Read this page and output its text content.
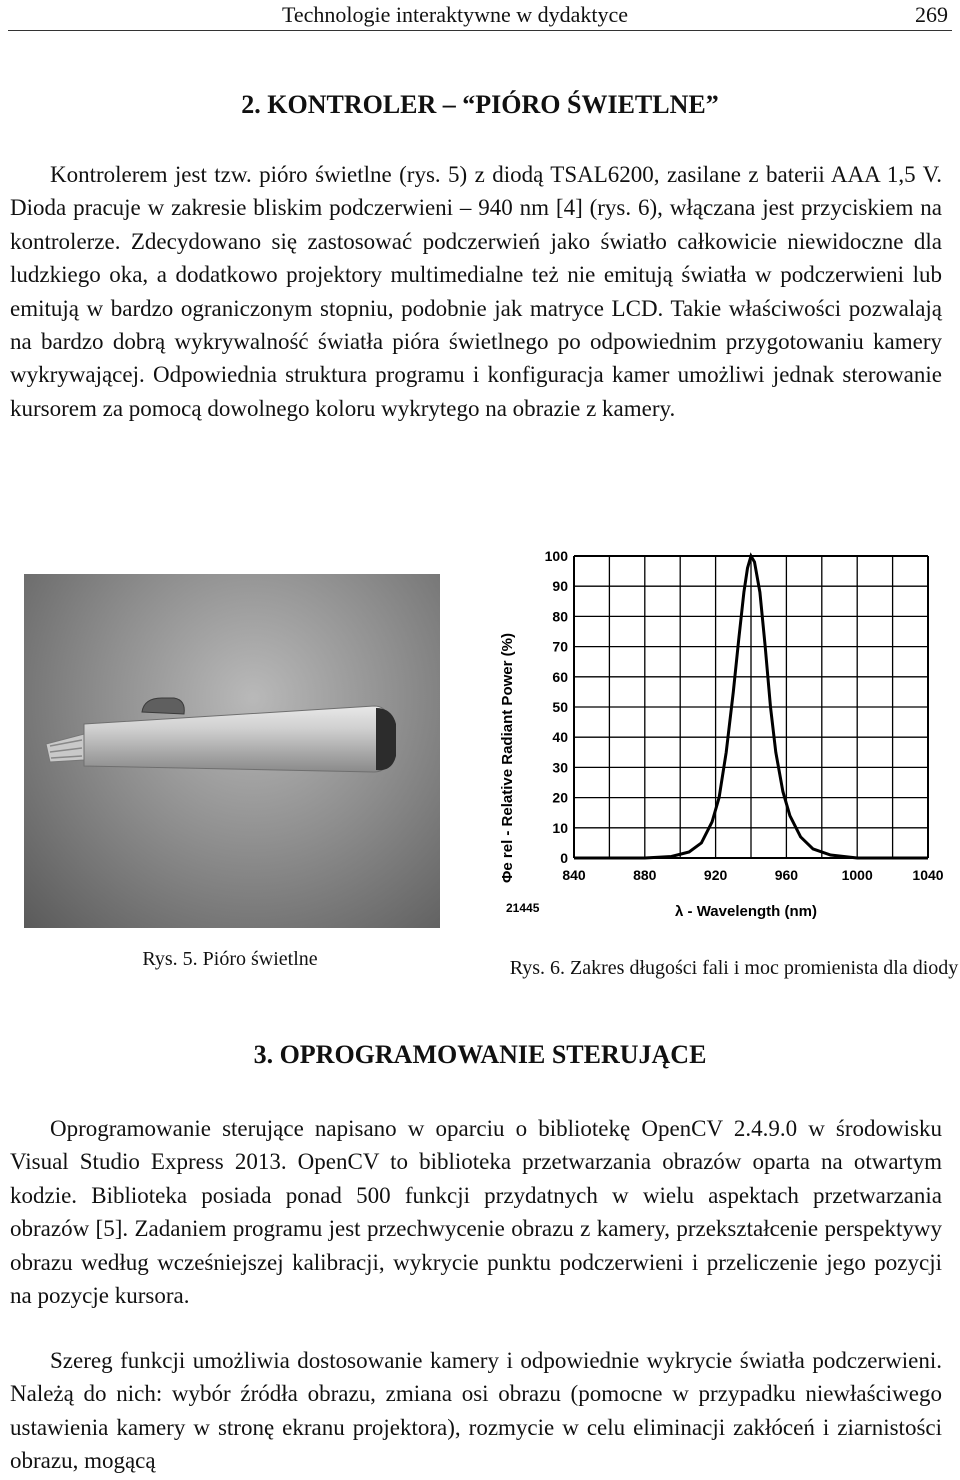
Technologie interaktywne w dydaktyce	269
2. KONTROLER – “PIÓRO ŚWIETLNE”

Kontrolerem jest tzw. pióro świetlne (rys. 5) z diodą TSAL6200, zasilane z baterii AAA 1,5 V. Dioda pracuje w zakresie bliskim podczerwieni – 940 nm [4] (rys. 6), włączana jest przyciskiem na kontrolerze. Zdecydowano się zastosować podczerwień jako światło całkowicie niewidoczne dla ludzkiego oka, a dodatkowo projektory multimedialne też nie emitują światła w podczerwieni lub emitują w bardzo ograniczonym stopniu, podobnie jak matryce LCD. Takie właściwości pozwalają na bardzo dobrą wykrywalność światła pióra świetlnego po odpowiednim przygotowaniu kamery wykrywającej. Odpowiednia struktura programu i konfiguracja kamer umożliwi jednak sterowanie kursorem za pomocą dowolnego koloru wykrytego na obrazie z kamery.

Rys. 5. Pióro świetlne
0
10
20
30
40
50
60
70
80
90
100
840	880	920	960	1000	1040
Φe rel - Relative Radiant Power (%)
λ - Wavelength (nm)
21445
Rys. 6. Zakres długości fali i moc promienista dla diody
3. OPROGRAMOWANIE STERUJĄCE

Oprogramowanie sterujące napisano w oparciu o bibliotekę OpenCV 2.4.9.0 w środowisku Visual Studio Express 2013. OpenCV to biblioteka przetwarzania obrazów oparta na otwartym kodzie. Biblioteka posiada ponad 500 funkcji przydatnych w wielu aspektach przetwarzania obrazów [5]. Zadaniem programu jest przechwycenie obrazu z kamery, przekształcenie perspektywy obrazu według wcześniejszej kalibracji, wykrycie punktu podczerwieni i przeliczenie jego pozycji na pozycje kursora.

Szereg funkcji umożliwia dostosowanie kamery i odpowiednie wykrycie światła podczerwieni. Należą do nich: wybór źródła obrazu, zmiana osi obrazu (pomocne w przypadku niewłaściwego ustawienia kamery w stronę ekranu projektora), rozmycie w celu eliminacji zakłóceń i ziarnistości obrazu, mogącą
